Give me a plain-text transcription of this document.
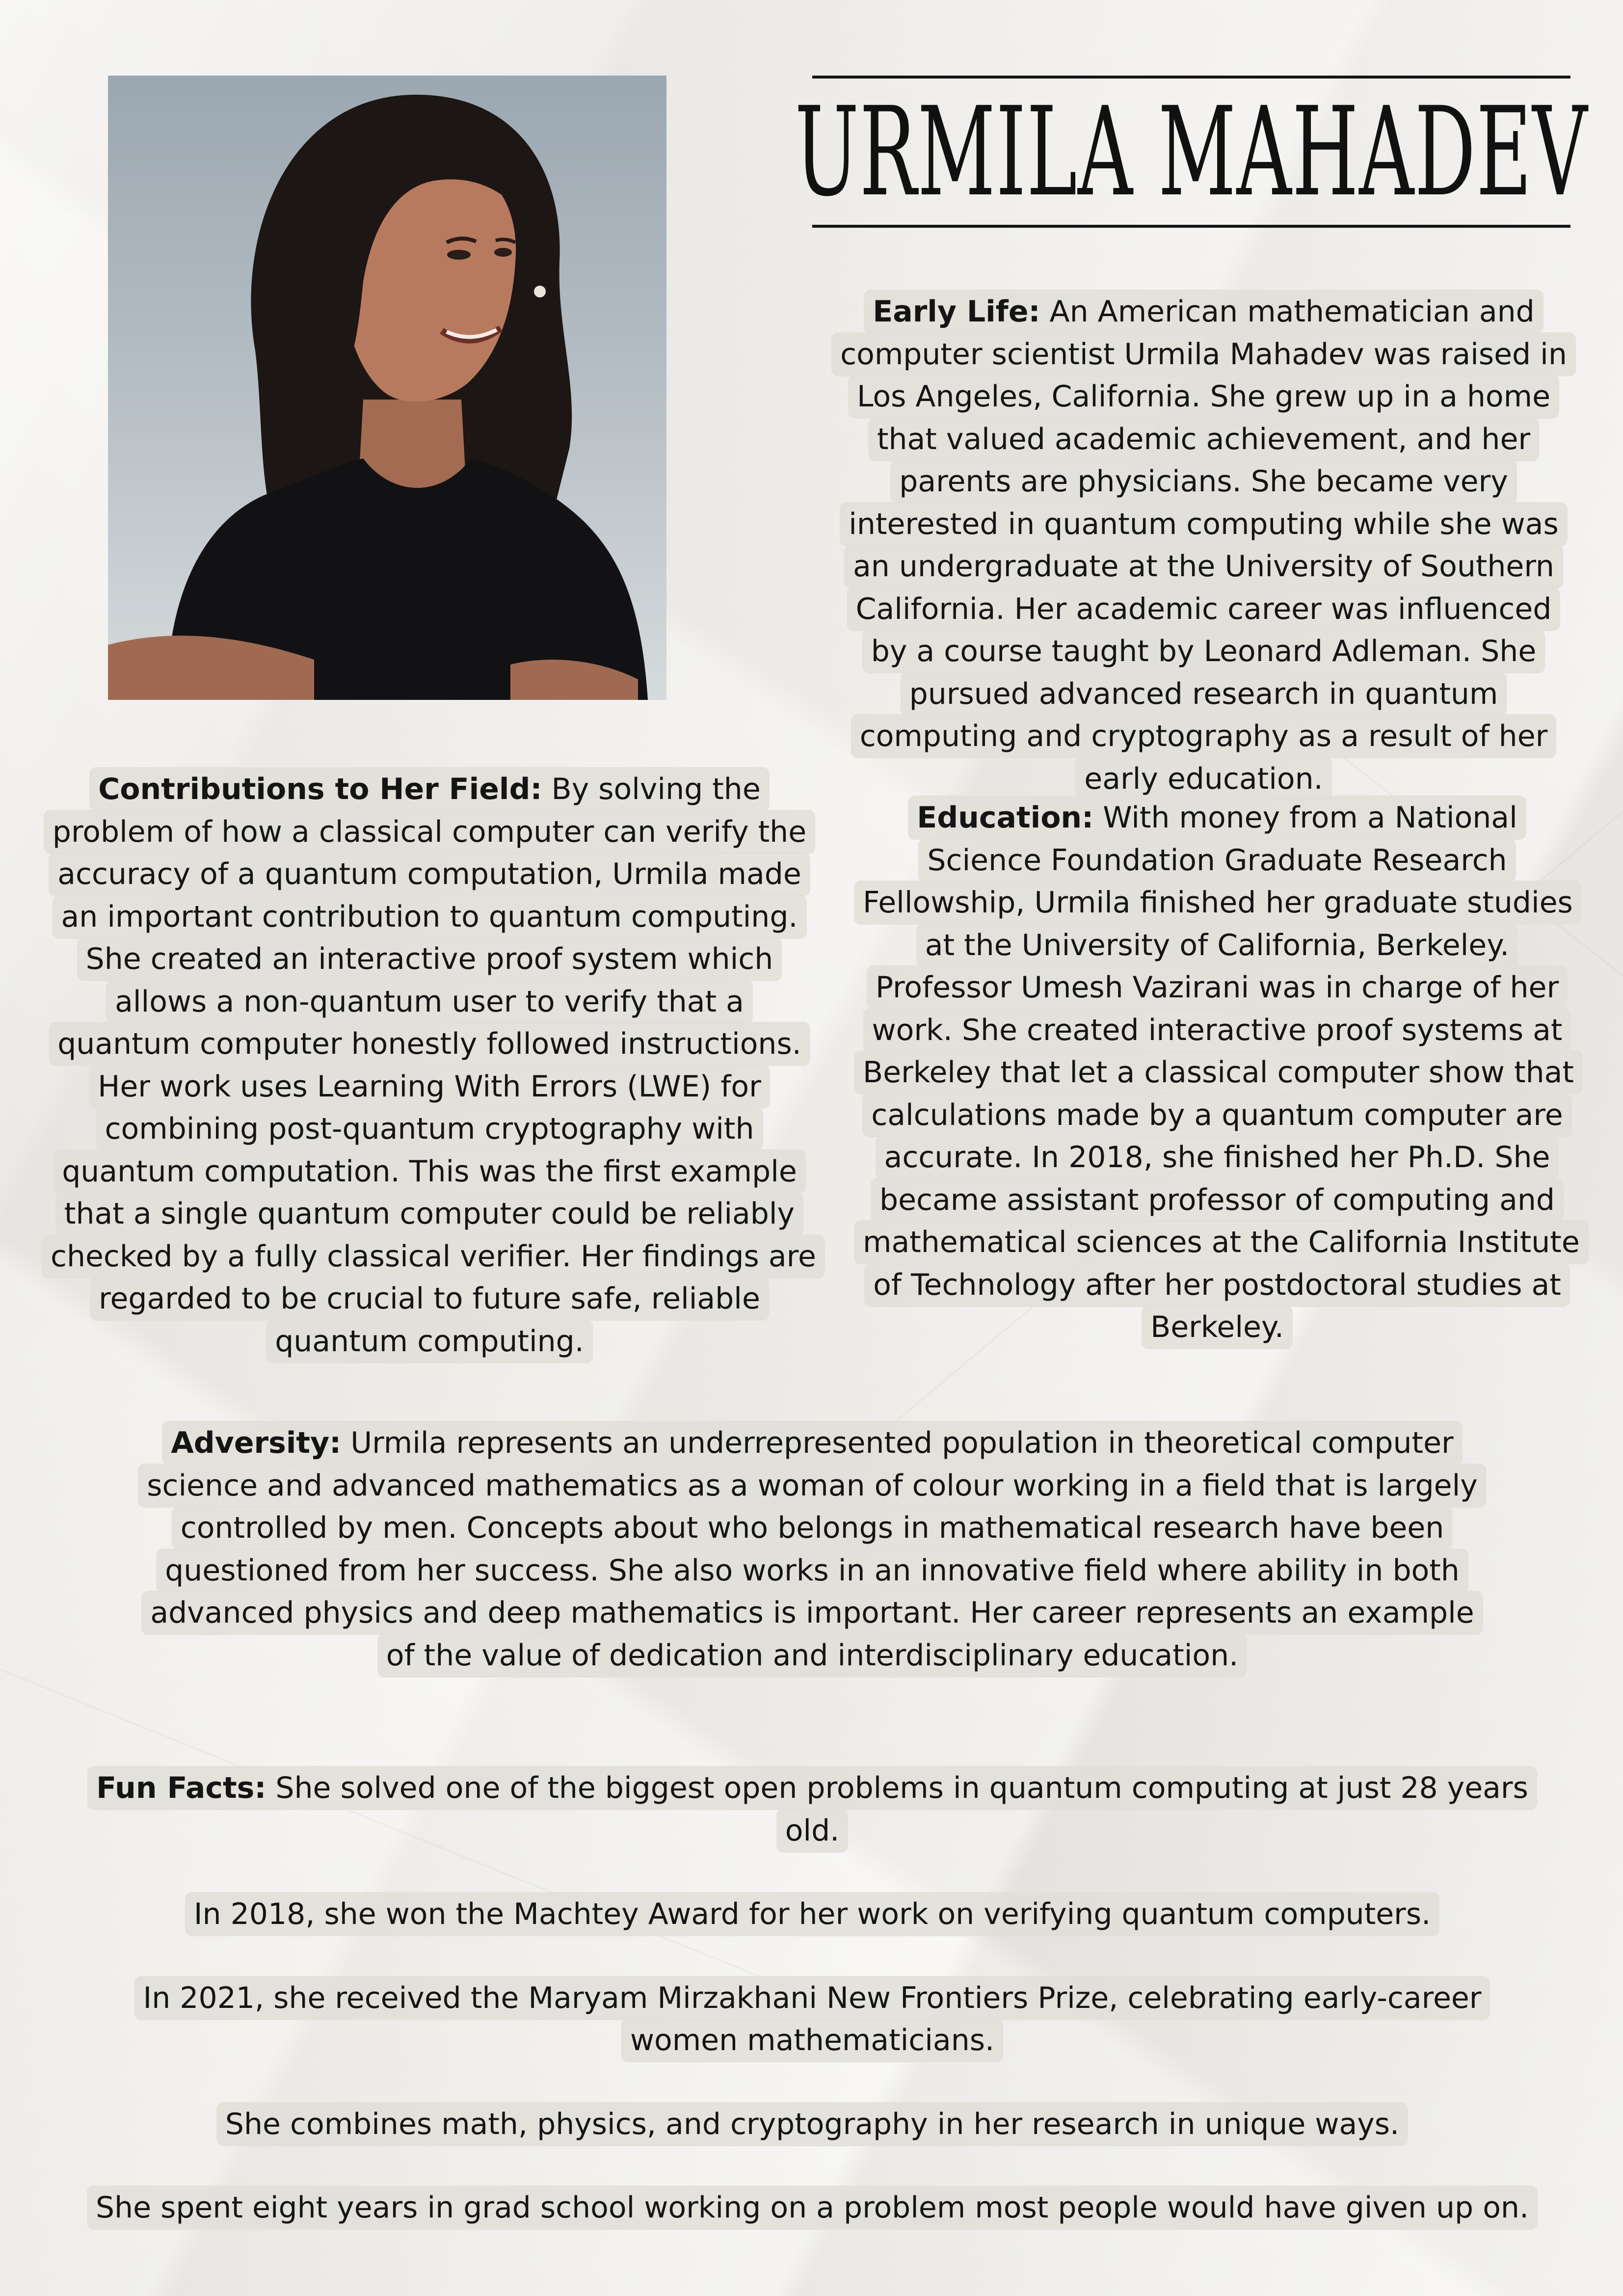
URMILA MAHADEV
Early Life: An American mathematician and computer scientist Urmila Mahadev was raised in Los Angeles, California. She grew up in a home that valued academic achievement, and her parents are physicians. She became very interested in quantum computing while she was an undergraduate at the University of Southern California. Her academic career was influenced by a course taught by Leonard Adleman. She pursued advanced research in quantum computing and cryptography as a result of her early education.
Contributions to Her Field: By solving the problem of how a classical computer can verify the accuracy of a quantum computation, Urmila made an important contribution to quantum computing. She created an interactive proof system which allows a non-quantum user to verify that a quantum computer honestly followed instructions. Her work uses Learning With Errors (LWE) for combining post-quantum cryptography with quantum computation. This was the first example that a single quantum computer could be reliably checked by a fully classical verifier. Her findings are regarded to be crucial to future safe, reliable quantum computing.
Education: With money from a National Science Foundation Graduate Research Fellowship, Urmila finished her graduate studies at the University of California, Berkeley. Professor Umesh Vazirani was in charge of her work. She created interactive proof systems at Berkeley that let a classical computer show that calculations made by a quantum computer are accurate. In 2018, she finished her Ph.D. She became assistant professor of computing and mathematical sciences at the California Institute of Technology after her postdoctoral studies at Berkeley.
Adversity: Urmila represents an underrepresented population in theoretical computer science and advanced mathematics as a woman of colour working in a field that is largely controlled by men. Concepts about who belongs in mathematical research have been questioned from her success. She also works in an innovative field where ability in both advanced physics and deep mathematics is important. Her career represents an example of the value of dedication and interdisciplinary education.

Fun Facts: She solved one of the biggest open problems in quantum computing at just 28 years old.

In 2018, she won the Machtey Award for her work on verifying quantum computers.

In 2021, she received the Maryam Mirzakhani New Frontiers Prize, celebrating early-career women mathematicians.

She combines math, physics, and cryptography in her research in unique ways.

She spent eight years in grad school working on a problem most people would have given up on.
